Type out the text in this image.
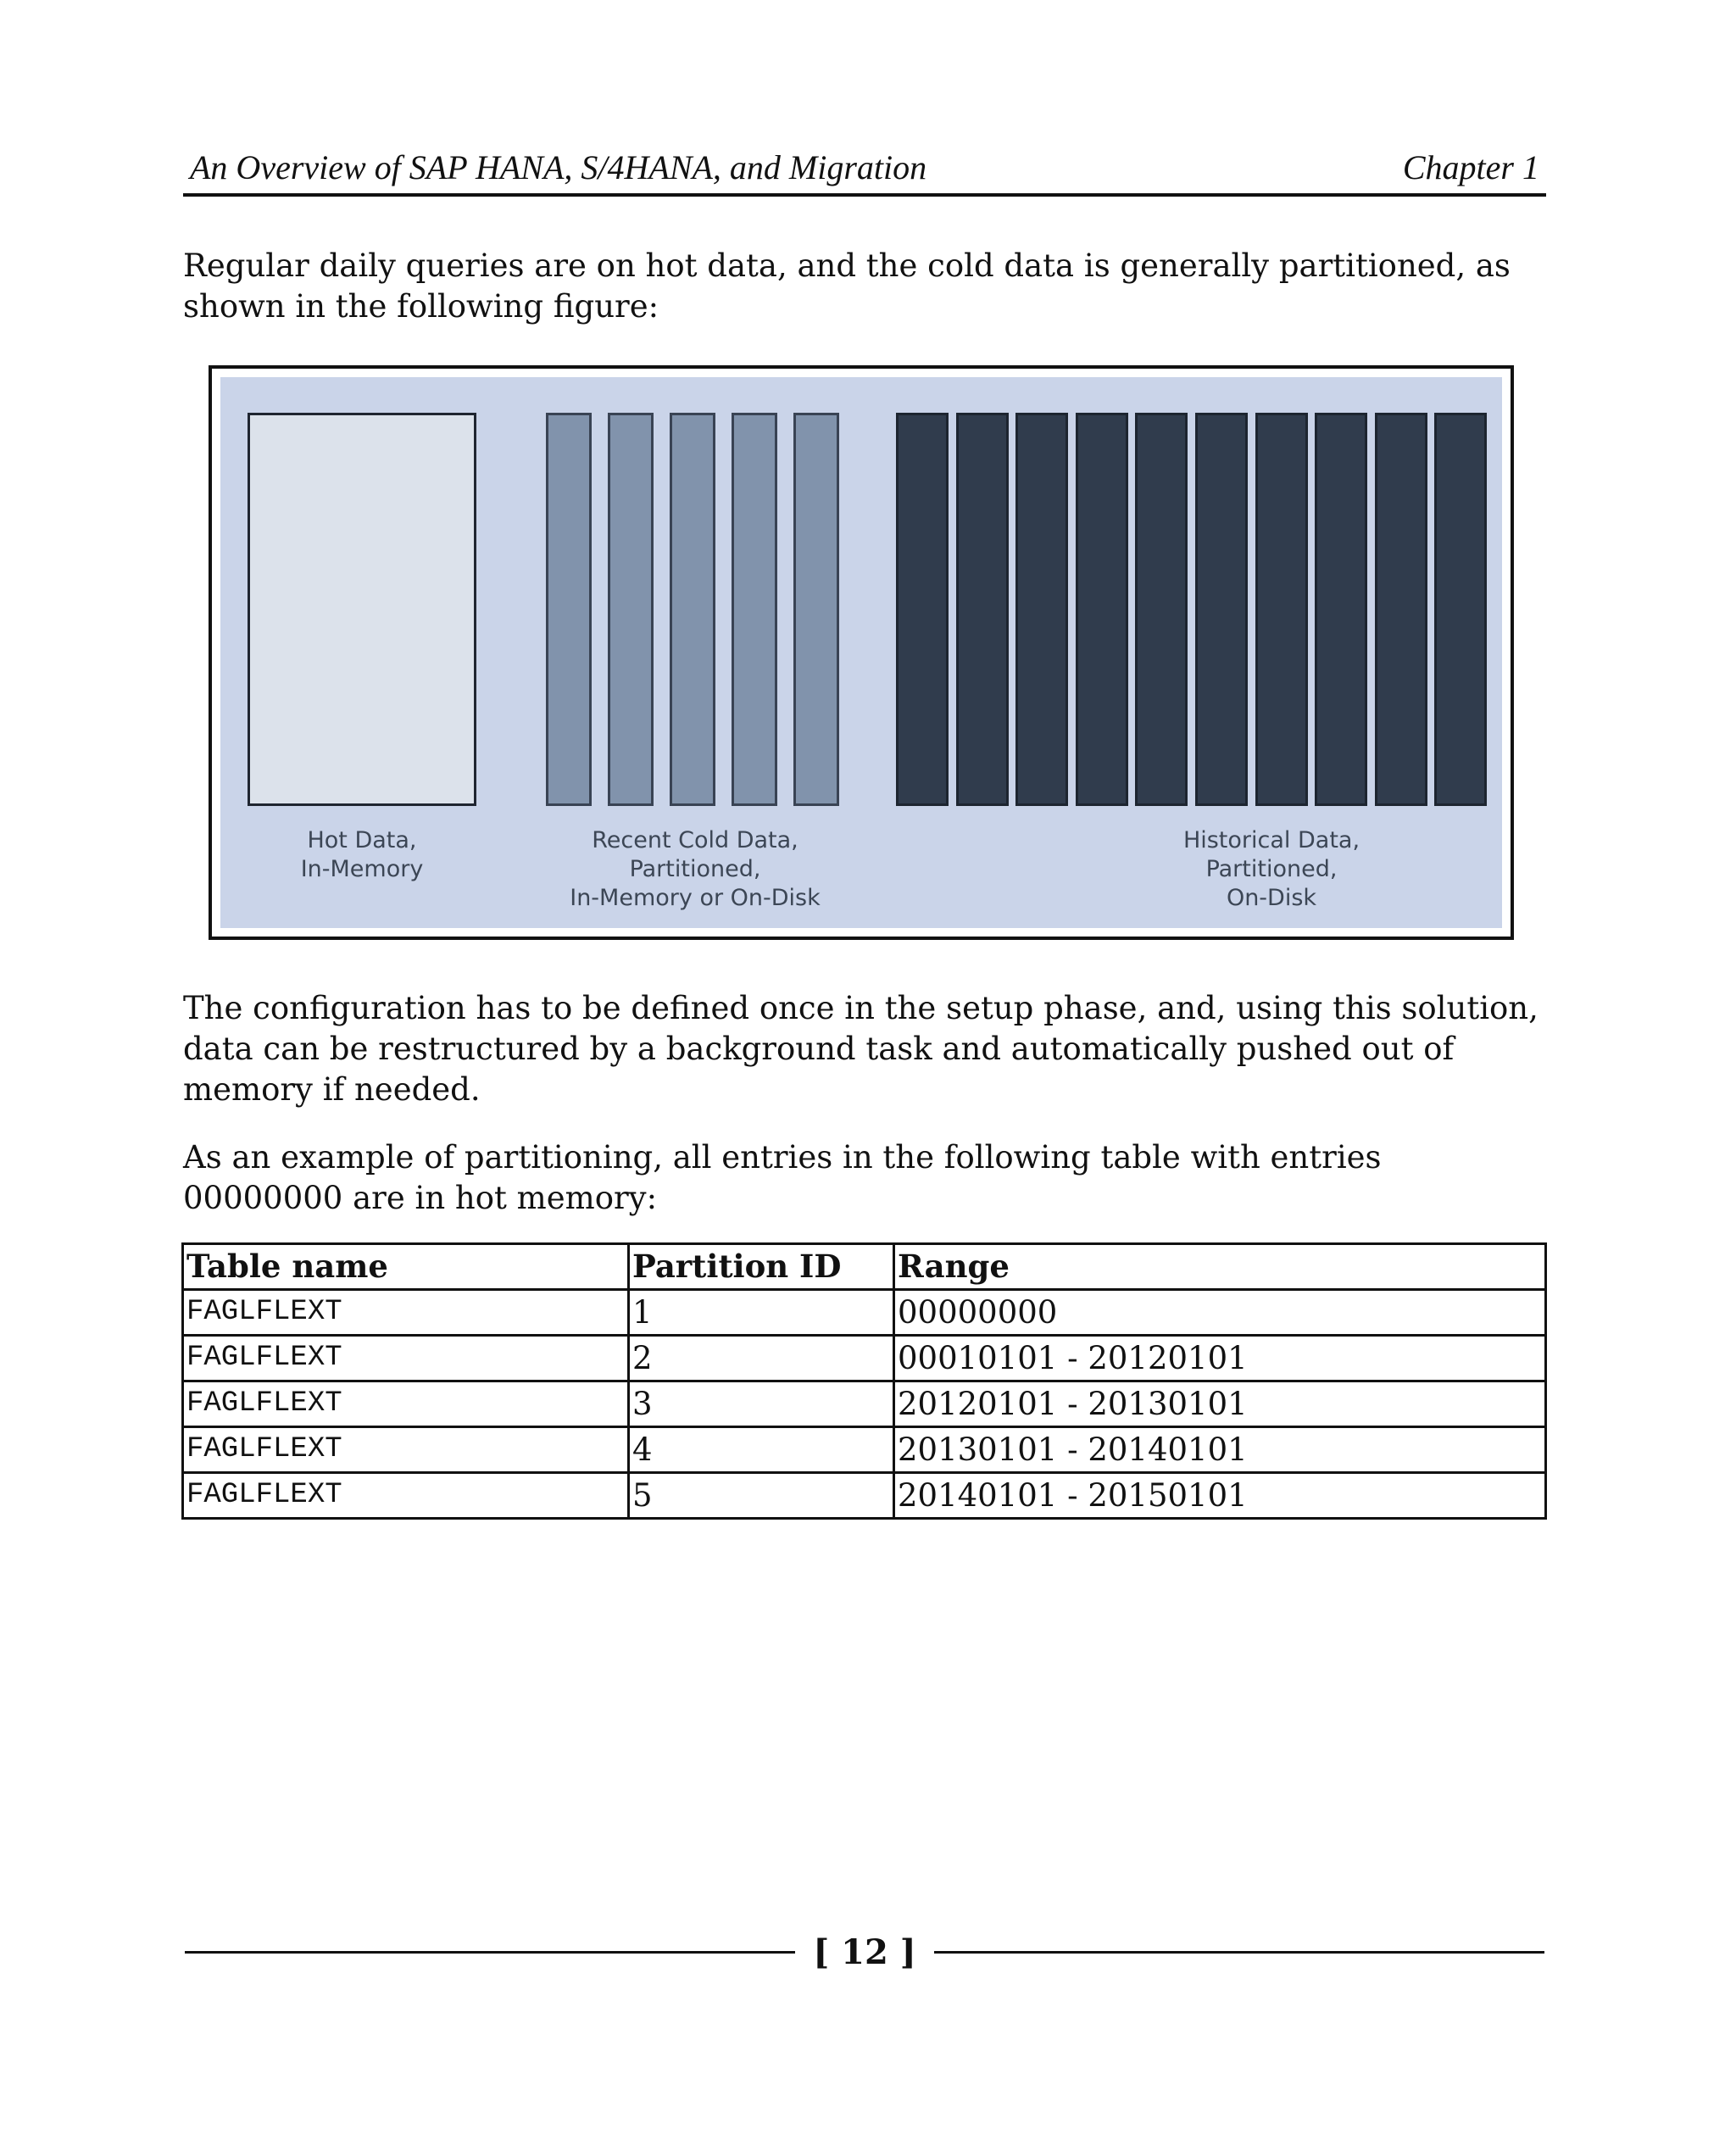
An Overview of SAP HANA, S/4HANA, and Migration	Chapter 1

Regular daily queries are on hot data, and the cold data is generally partitioned, as shown in the following figure:

Hot Data,
In-Memory
Recent Cold Data,
Partitioned,
In-Memory or On-Disk
Historical Data,
Partitioned,
On-Disk

The configuration has to be defined once in the setup phase, and, using this solution, data can be restructured by a background task and automatically pushed out of memory if needed.

As an example of partitioning, all entries in the following table with entries 00000000 are in hot memory:

Table name	Partition ID	Range
FAGLFLEXT	1	00000000
FAGLFLEXT	2	00010101 - 20120101
FAGLFLEXT	3	20120101 - 20130101
FAGLFLEXT	4	20130101 - 20140101
FAGLFLEXT	5	20140101 - 20150101
[ 12 ]
